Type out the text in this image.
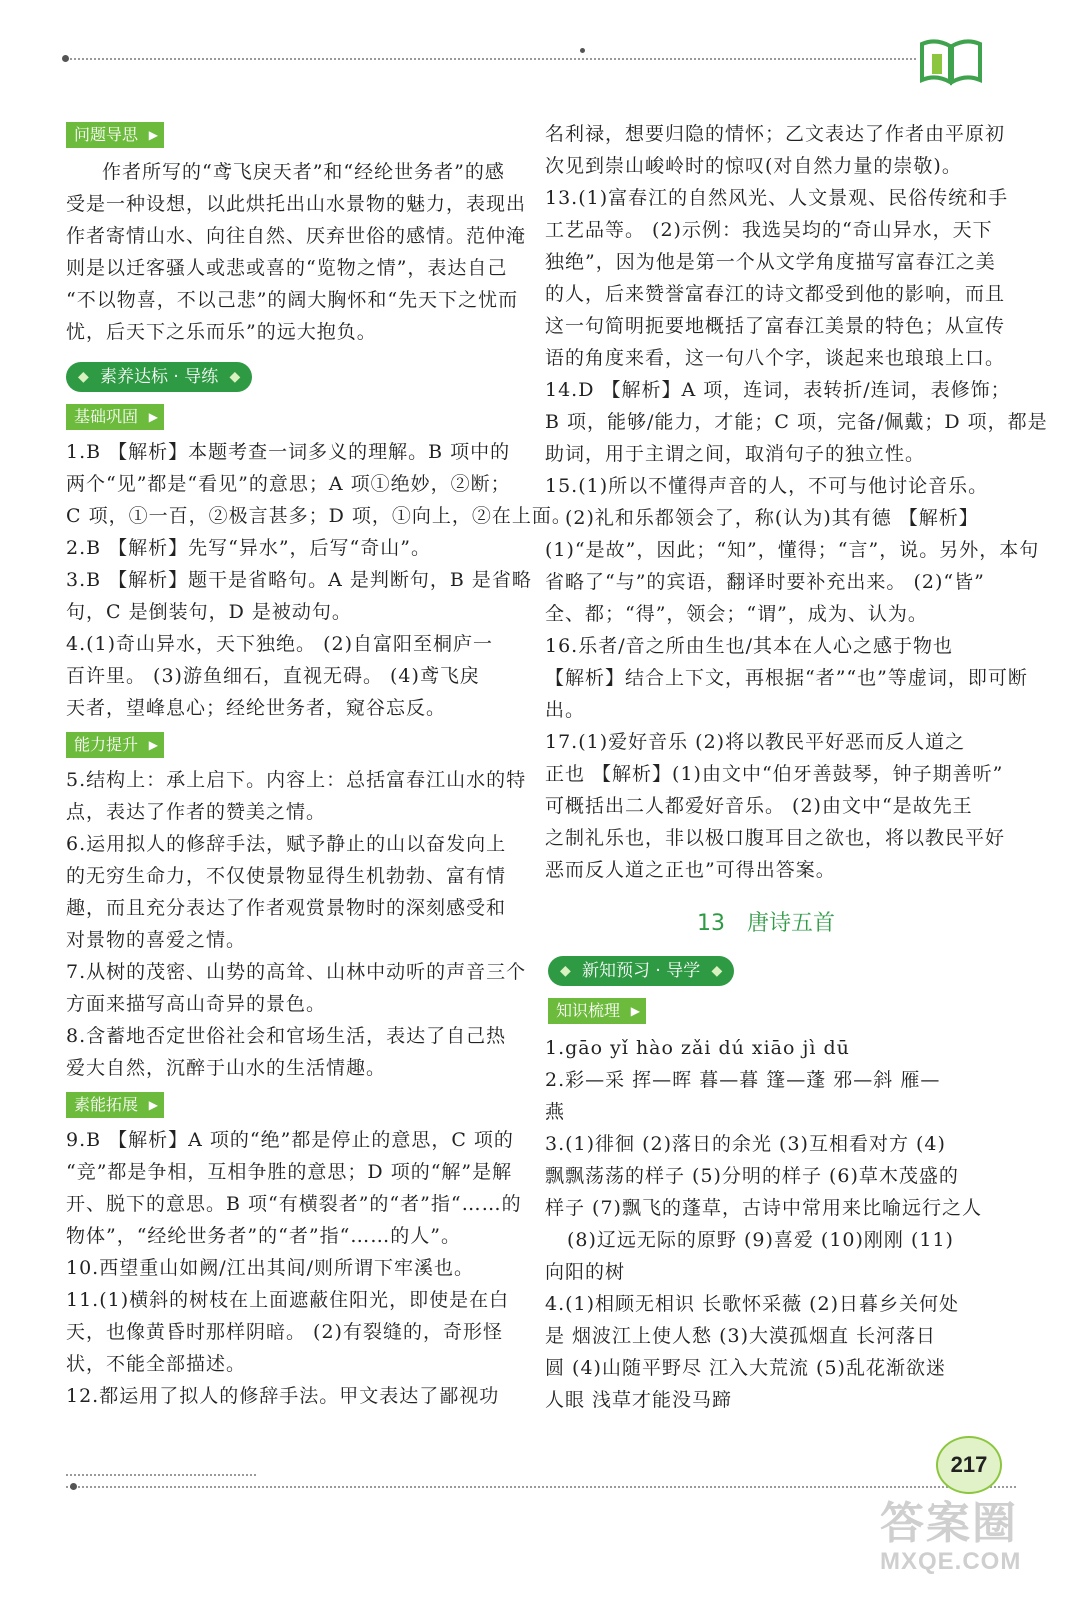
问题导思 ▶
作者所写的“鸢飞戾天者”和“经纶世务者”的感
受是一种设想，以此烘托出山水景物的魅力，表现出
作者寄情山水、向往自然、厌弃世俗的感情。范仲淹
则是以迁客骚人或悲或喜的“览物之情”，表达自己
“不以物喜，不以己悲”的阔大胸怀和“先天下之忧而
忧，后天下之乐而乐”的远大抱负。
◆ 素养达标 · 导练 ◆
基础巩固 ▶
1.B 【解析】本题考查一词多义的理解。B 项中的
两个“见”都是“看见”的意思；A 项①绝妙，②断；
C 项，①一百，②极言甚多；D 项，①向上，②在上面。
2.B 【解析】先写“异水”，后写“奇山”。
3.B 【解析】题干是省略句。A 是判断句，B 是省略
句，C 是倒装句，D 是被动句。
4.(1)奇山异水，天下独绝。 (2)自富阳至桐庐一
百许里。 (3)游鱼细石，直视无碍。 (4)鸢飞戾
天者，望峰息心；经纶世务者，窥谷忘反。
能力提升 ▶
5.结构上：承上启下。内容上：总括富春江山水的特
点，表达了作者的赞美之情。
6.运用拟人的修辞手法，赋予静止的山以奋发向上
的无穷生命力，不仅使景物显得生机勃勃、富有情
趣，而且充分表达了作者观赏景物时的深刻感受和
对景物的喜爱之情。
7.从树的茂密、山势的高耸、山林中动听的声音三个
方面来描写高山奇异的景色。
8.含蓄地否定世俗社会和官场生活，表达了自己热
爱大自然，沉醉于山水的生活情趣。
素能拓展 ▶
9.B 【解析】A 项的“绝”都是停止的意思，C 项的
“竞”都是争相，互相争胜的意思；D 项的“解”是解
开、脱下的意思。B 项“有横裂者”的“者”指“……的
物体”，“经纶世务者”的“者”指“……的人”。
10.西望重山如阙/江出其间/则所谓下牢溪也。
11.(1)横斜的树枝在上面遮蔽住阳光，即使是在白
天，也像黄昏时那样阴暗。 (2)有裂缝的，奇形怪
状，不能全部描述。
12.都运用了拟人的修辞手法。甲文表达了鄙视功
名利禄，想要归隐的情怀；乙文表达了作者由平原初
次见到崇山峻岭时的惊叹(对自然力量的崇敬)。
13.(1)富春江的自然风光、人文景观、民俗传统和手
工艺品等。 (2)示例：我选吴均的“奇山异水，天下
独绝”，因为他是第一个从文学角度描写富春江之美
的人，后来赞誉富春江的诗文都受到他的影响，而且
这一句简明扼要地概括了富春江美景的特色；从宣传
语的角度来看，这一句八个字，谈起来也琅琅上口。
14.D 【解析】A 项，连词，表转折/连词，表修饰；
B 项，能够/能力，才能；C 项，完备/佩戴；D 项，都是
助词，用于主谓之间，取消句子的独立性。
15.(1)所以不懂得声音的人，不可与他讨论音乐。
(2)礼和乐都领会了，称(认为)其有德 【解析】
(1)“是故”，因此；“知”，懂得；“言”，说。另外，本句
省略了“与”的宾语，翻译时要补充出来。 (2)“皆”
全、都；“得”，领会；“谓”，成为、认为。
16.乐者/音之所由生也/其本在人心之感于物也
【解析】结合上下文，再根据“者”“也”等虚词，即可断
出。
17.(1)爱好音乐 (2)将以教民平好恶而反人道之
正也 【解析】(1)由文中“伯牙善鼓琴，钟子期善听”
可概括出二人都爱好音乐。 (2)由文中“是故先王
之制礼乐也，非以极口腹耳目之欲也，将以教民平好
恶而反人道之正也”可得出答案。
13 唐诗五首
◆ 新知预习 · 导学 ◆
知识梳理 ▶
1.gāo yǐ hào zǎi dú xiāo jì dū
2.彩—采 挥—晖 暮—暮 篷—蓬 邪—斜 雁—
燕
3.(1)徘徊 (2)落日的余光 (3)互相看对方 (4)
飘飘荡荡的样子 (5)分明的样子 (6)草木茂盛的
样子 (7)飘飞的蓬草，古诗中常用来比喻远行之人
(8)辽远无际的原野 (9)喜爱 (10)刚刚 (11)
向阳的树
4.(1)相顾无相识 长歌怀采薇 (2)日暮乡关何处
是 烟波江上使人愁 (3)大漠孤烟直 长河落日
圆 (4)山随平野尽 江入大荒流 (5)乱花渐欲迷
人眼 浅草才能没马蹄
217
答案圈
MXQE.COM
